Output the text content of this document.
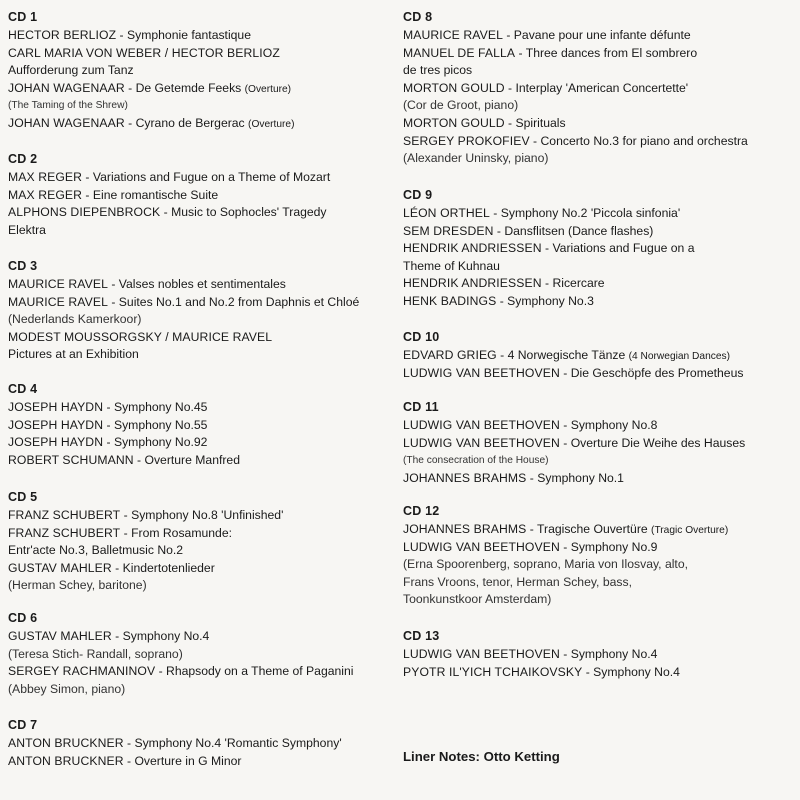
CD 1
HECTOR BERLIOZ - Symphonie fantastique
CARL MARIA VON WEBER / HECTOR BERLIOZ
Aufforderung zum Tanz
JOHAN WAGENAAR - De Getemde Feeks (Overture)
(The Taming of the Shrew)
JOHAN WAGENAAR - Cyrano de Bergerac (Overture)
CD 2
MAX REGER - Variations and Fugue on a Theme of Mozart
MAX REGER - Eine romantische Suite
ALPHONS DIEPENBROCK - Music to Sophocles' Tragedy
Elektra
CD 3
MAURICE RAVEL - Valses nobles et sentimentales
MAURICE RAVEL - Suites No.1 and No.2 from Daphnis et Chloé
(Nederlands Kamerkoor)
MODEST MOUSSORGSKY / MAURICE RAVEL
Pictures at an Exhibition
CD 4
JOSEPH HAYDN - Symphony No.45
JOSEPH HAYDN - Symphony No.55
JOSEPH HAYDN - Symphony No.92
ROBERT SCHUMANN - Overture Manfred
CD 5
FRANZ SCHUBERT - Symphony No.8 'Unfinished'
FRANZ SCHUBERT - From Rosamunde:
Entr'acte No.3, Balletmusic No.2
GUSTAV MAHLER - Kindertotenlieder
(Herman Schey, baritone)
CD 6
GUSTAV MAHLER - Symphony No.4
(Teresa Stich- Randall, soprano)
SERGEY RACHMANINOV - Rhapsody on a Theme of Paganini
(Abbey Simon, piano)
CD 7
ANTON BRUCKNER - Symphony No.4 'Romantic Symphony'
ANTON BRUCKNER - Overture in G Minor
CD 8
MAURICE RAVEL - Pavane pour une infante défunte
MANUEL DE FALLA - Three dances from El sombrero
de tres picos
MORTON GOULD - Interplay 'American Concertette'
(Cor de Groot, piano)
MORTON GOULD - Spirituals
SERGEY PROKOFIEV - Concerto No.3 for piano and orchestra
(Alexander Uninsky, piano)
CD 9
LÉON ORTHEL - Symphony No.2 'Piccola sinfonia'
SEM DRESDEN - Dansflitsen (Dance flashes)
HENDRIK ANDRIESSEN - Variations and Fugue on a
Theme of Kuhnau
HENDRIK ANDRIESSEN - Ricercare
HENK BADINGS - Symphony No.3
CD 10
EDVARD GRIEG - 4 Norwegische Tänze (4 Norwegian Dances)
LUDWIG VAN BEETHOVEN - Die Geschöpfe des Prometheus
CD 11
LUDWIG VAN BEETHOVEN - Symphony No.8
LUDWIG VAN BEETHOVEN - Overture Die Weihe des Hauses
(The consecration of the House)
JOHANNES BRAHMS - Symphony No.1
CD 12
JOHANNES BRAHMS - Tragische Ouvertüre (Tragic Overture)
LUDWIG VAN BEETHOVEN - Symphony No.9
(Erna Spoorenberg, soprano, Maria von Ilosvay, alto,
Frans Vroons, tenor, Herman Schey, bass,
Toonkunstkoor Amsterdam)
CD 13
LUDWIG VAN BEETHOVEN - Symphony No.4
PYOTR IL'YICH TCHAIKOVSKY - Symphony No.4
Liner Notes: Otto Ketting
